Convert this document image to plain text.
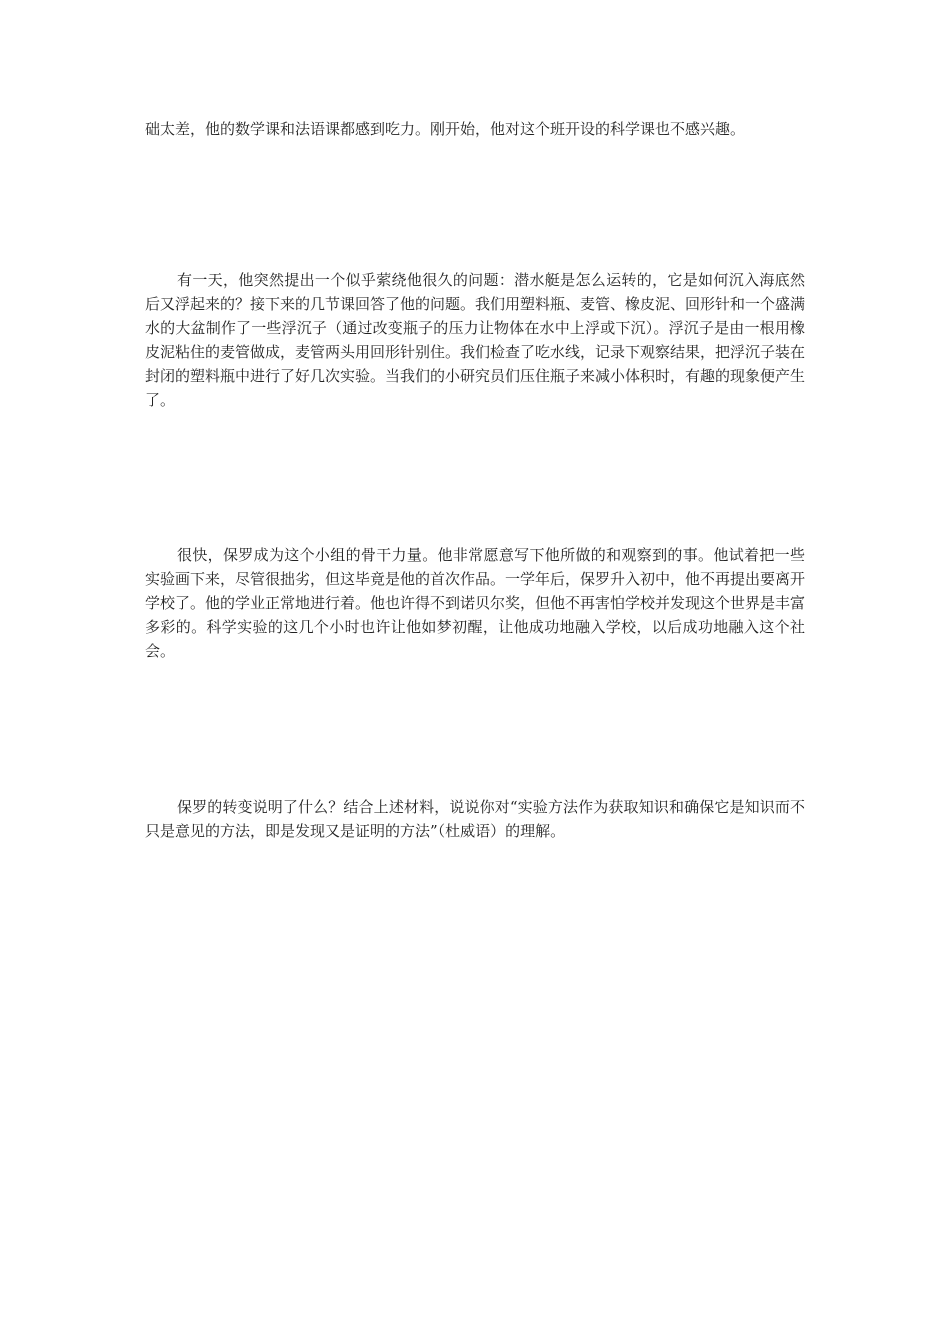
础太差，他的数学课和法语课都感到吃力。刚开始，他对这个班开设的科学课也不感兴趣。

有一天，他突然提出一个似乎萦绕他很久的问题：潜水艇是怎么运转的，它是如何沉入海底然后又浮起来的？接下来的几节课回答了他的问题。我们用塑料瓶、麦管、橡皮泥、回形针和一个盛满水的大盆制作了一些浮沉子（通过改变瓶子的压力让物体在水中上浮或下沉）。浮沉子是由一根用橡皮泥粘住的麦管做成，麦管两头用回形针别住。我们检查了吃水线，记录下观察结果，把浮沉子装在封闭的塑料瓶中进行了好几次实验。当我们的小研究员们压住瓶子来减小体积时，有趣的现象便产生了。

很快，保罗成为这个小组的骨干力量。他非常愿意写下他所做的和观察到的事。他试着把一些实验画下来，尽管很拙劣，但这毕竟是他的首次作品。一学年后，保罗升入初中，他不再提出要离开学校了。他的学业正常地进行着。他也许得不到诺贝尔奖，但他不再害怕学校并发现这个世界是丰富多彩的。科学实验的这几个小时也许让他如梦初醒，让他成功地融入学校，以后成功地融入这个社会。

保罗的转变说明了什么？结合上述材料，说说你对“实验方法作为获取知识和确保它是知识而不只是意见的方法，即是发现又是证明的方法”（杜威语）的理解。
